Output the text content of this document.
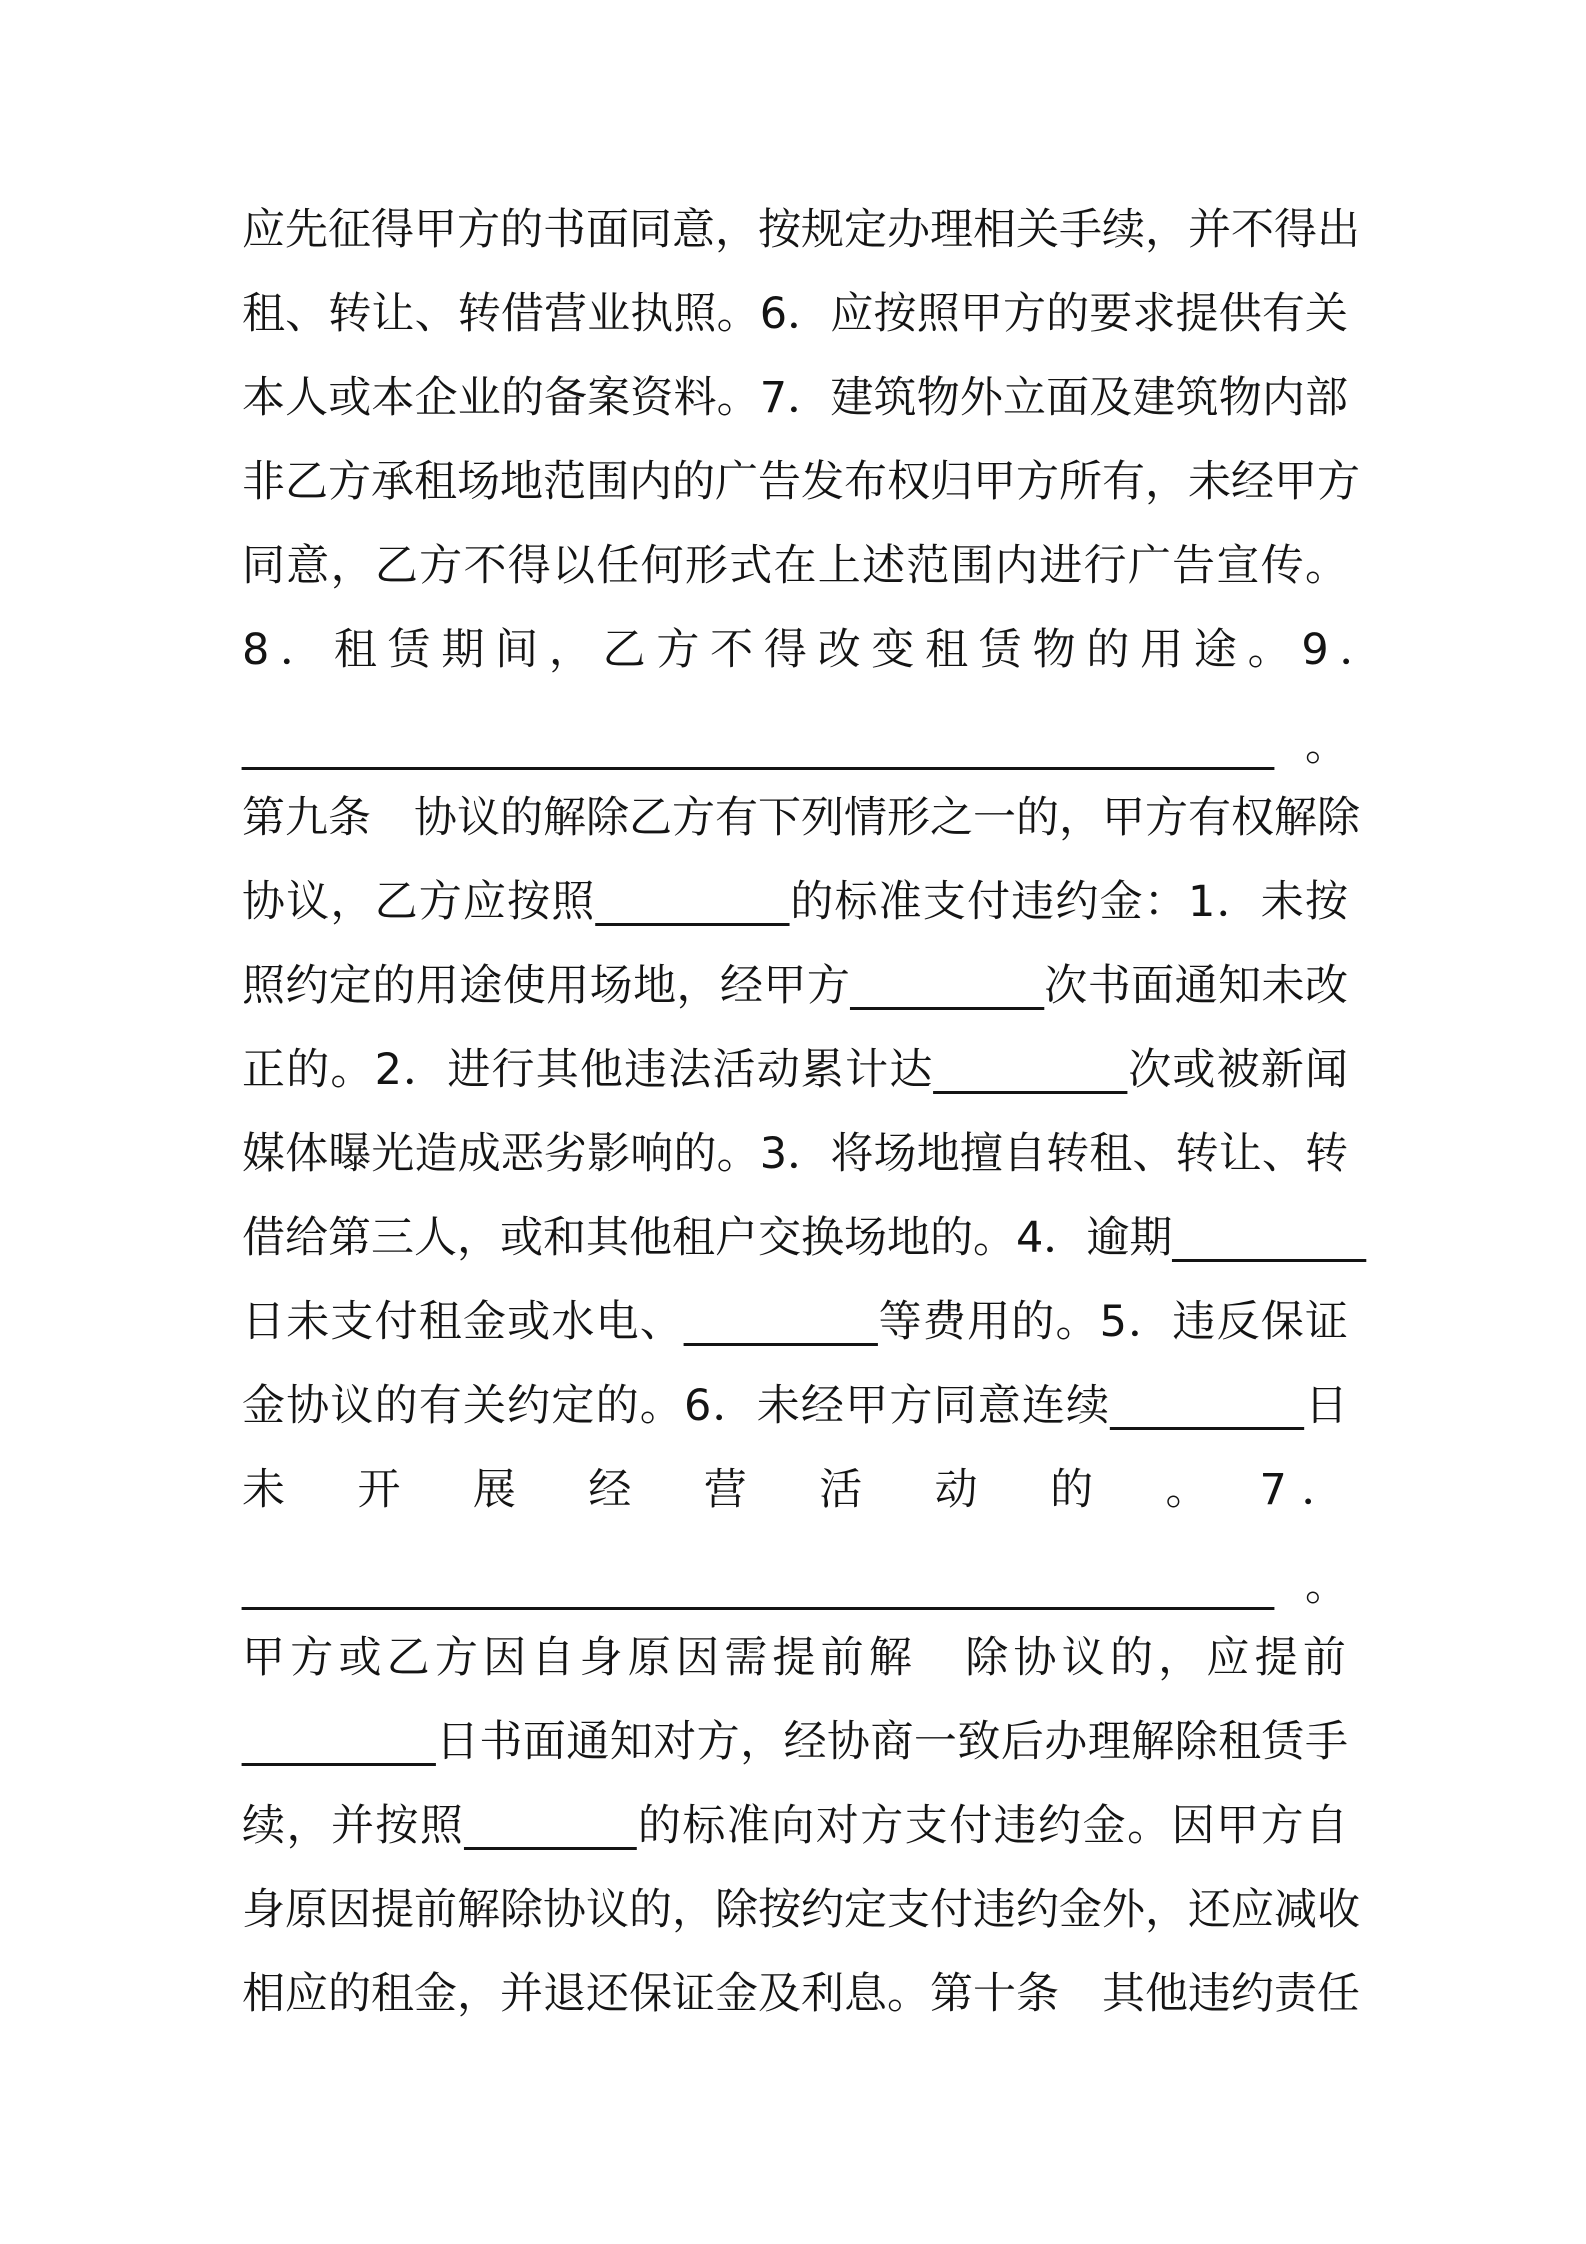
应先征得甲方的书面同意，按规定办理相关手续，并不得出
租、转让、转借营业执照。6．应按照甲方的要求提供有关
本人或本企业的备案资料。7．建筑物外立面及建筑物内部
非乙方承租场地范围内的广告发布权归甲方所有，未经甲方
同意，乙方不得以任何形式在上述范围内进行广告宣传。
8．租赁期间，乙方不得改变租赁物的用途。9．
________________________________________________。
第九条　协议的解除乙方有下列情形之一的，甲方有权解除
协议，乙方应按照_________的标准支付违约金：1．未按
照约定的用途使用场地，经甲方_________次书面通知未改
正的。2．进行其他违法活动累计达_________次或被新闻
媒体曝光造成恶劣影响的。3．将场地擅自转租、转让、转
借给第三人，或和其他租户交换场地的。4．逾期_________
日未支付租金或水电、_________等费用的。5．违反保证
金协议的有关约定的。6．未经甲方同意连续_________日
未　开　展　经　营　活　动　的　。　7．
________________________________________________。
甲方或乙方因自身原因需提前解　除协议的，应提前
_________日书面通知对方，经协商一致后办理解除租赁手
续，并按照________的标准向对方支付违约金。因甲方自
身原因提前解除协议的，除按约定支付违约金外，还应减收
相应的租金，并退还保证金及利息。第十条　其他违约责任
